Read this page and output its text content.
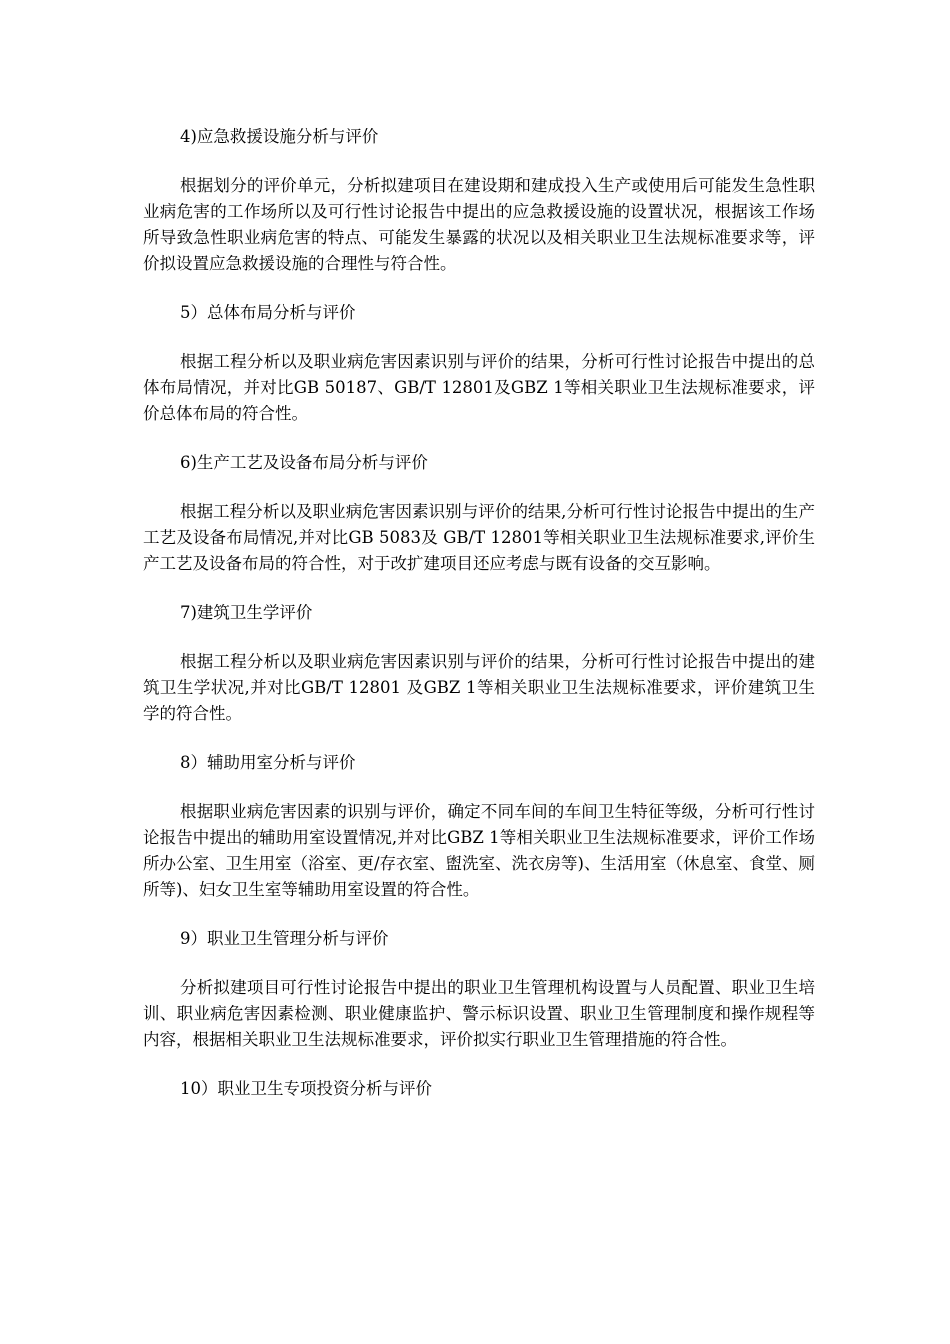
4)应急救援设施分析与评价

根据划分的评价单元，分析拟建项目在建设期和建成投入生产或使用后可能发生急性职业病危害的工作场所以及可行性讨论报告中提出的应急救援设施的设置状况，根据该工作场所导致急性职业病危害的特点、可能发生暴露的状况以及相关职业卫生法规标准要求等，评价拟设置应急救援设施的合理性与符合性。

5）总体布局分析与评价

根据工程分析以及职业病危害因素识别与评价的结果，分析可行性讨论报告中提出的总体布局情况，并对比GB 50187、GB/T 12801及GBZ 1等相关职业卫生法规标准要求，评价总体布局的符合性。

6)生产工艺及设备布局分析与评价

根据工程分析以及职业病危害因素识别与评价的结果,分析可行性讨论报告中提出的生产工艺及设备布局情况,并对比GB 5083及 GB/T 12801等相关职业卫生法规标准要求,评价生产工艺及设备布局的符合性，对于改扩建项目还应考虑与既有设备的交互影响。

7)建筑卫生学评价

根据工程分析以及职业病危害因素识别与评价的结果，分析可行性讨论报告中提出的建筑卫生学状况,并对比GB/T 12801 及GBZ 1等相关职业卫生法规标准要求，评价建筑卫生学的符合性。

8）辅助用室分析与评价

根据职业病危害因素的识别与评价，确定不同车间的车间卫生特征等级，分析可行性讨论报告中提出的辅助用室设置情况,并对比GBZ 1等相关职业卫生法规标准要求，评价工作场所办公室、卫生用室（浴室、更/存衣室、盥洗室、洗衣房等)、生活用室（休息室、食堂、厕所等)、妇女卫生室等辅助用室设置的符合性。

9）职业卫生管理分析与评价

分析拟建项目可行性讨论报告中提出的职业卫生管理机构设置与人员配置、职业卫生培训、职业病危害因素检测、职业健康监护、警示标识设置、职业卫生管理制度和操作规程等内容，根据相关职业卫生法规标准要求，评价拟实行职业卫生管理措施的符合性。

10）职业卫生专项投资分析与评价
